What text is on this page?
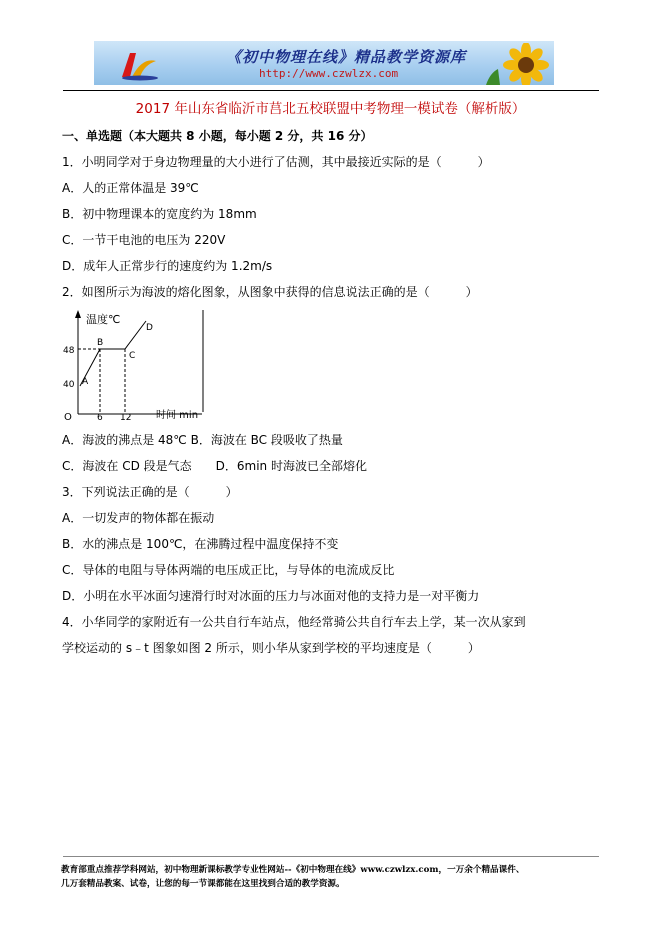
《初中物理在线》精品教学资源库
http://www.czwlzx.com
2017 年山东省临沂市莒北五校联盟中考物理一模试卷（解析版）
一、单选题（本大题共 8 小题，每小题 2 分，共 16 分）
1．小明同学对于身边物理量的大小进行了估测，其中最接近实际的是（　　　）
A．人的正常体温是 39℃
B．初中物理课本的宽度约为 18mm
C．一节干电池的电压为 220V
D．成年人正常步行的速度约为 1.2m/s
2．如图所示为海波的熔化图象，从图象中获得的信息说法正确的是（　　　）
温度℃
时间 min
O
48
40
6 12
A
B
C
D
A．海波的沸点是 48℃ B．海波在 BC 段吸收了热量
C．海波在 CD 段是气态　　D．6min 时海波已全部熔化
3．下列说法正确的是（　　　）
A．一切发声的物体都在振动
B．水的沸点是 100℃，在沸腾过程中温度保持不变
C．导体的电阻与导体两端的电压成正比，与导体的电流成反比
D．小明在水平冰面匀速滑行时对冰面的压力与冰面对他的支持力是一对平衡力
4．小华同学的家附近有一公共自行车站点，他经常骑公共自行车去上学，某一次从家到
学校运动的 s﹣t 图象如图 2 所示，则小华从家到学校的平均速度是（　　　）
教育部重点推荐学科网站，初中物理新课标教学专业性网站--《初中物理在线》www.czwlzx.com，一万余个精品课件、
几万套精品教案、试卷，让您的每一节课都能在这里找到合适的教学资源。
